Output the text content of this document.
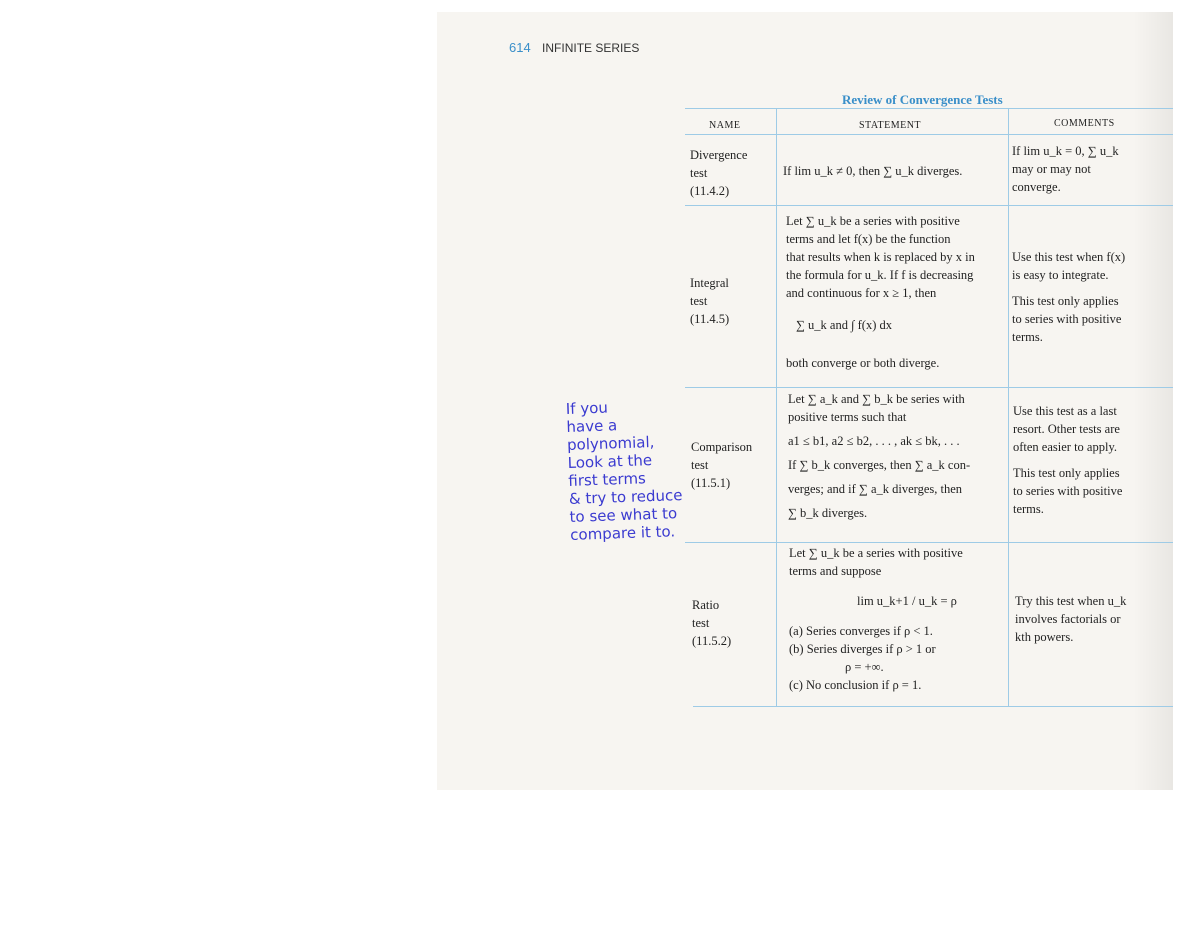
614 INFINITE SERIES
Review of Convergence Tests
NAME	STATEMENT	COMMENTS
Divergence
test
(11.4.2)
If lim u_k ≠ 0, then ∑ u_k diverges.
If lim u_k = 0, ∑ u_k
may or may not
converge.
Integral
test
(11.4.5)
Let ∑ u_k be a series with positive
terms and let f(x) be the function
that results when k is replaced by x in
the formula for u_k. If f is decreasing
and continuous for x ≥ 1, then
∑ u_k and ∫ f(x) dx
both converge or both diverge.
Use this test when f(x)
is easy to integrate.
This test only applies
to series with positive
terms.
Comparison
test
(11.5.1)
Let ∑ a_k and ∑ b_k be series with
positive terms such that
a1 ≤ b1, a2 ≤ b2, . . . , ak ≤ bk, . . .
If ∑ b_k converges, then ∑ a_k con-
verges; and if ∑ a_k diverges, then
∑ b_k diverges.
Use this test as a last
resort. Other tests are
often easier to apply.
This test only applies
to series with positive
terms.
Ratio
test
(11.5.2)
Let ∑ u_k be a series with positive
terms and suppose
lim u_k+1 / u_k = ρ
(a) Series converges if ρ < 1.
(b) Series diverges if ρ > 1 or
ρ = +∞.
(c) No conclusion if ρ = 1.
Try this test when u_k
involves factorials or
kth powers.
If you
have a
polynomial,
Look at the
first terms
& try to reduce
to see what to
compare it to.
